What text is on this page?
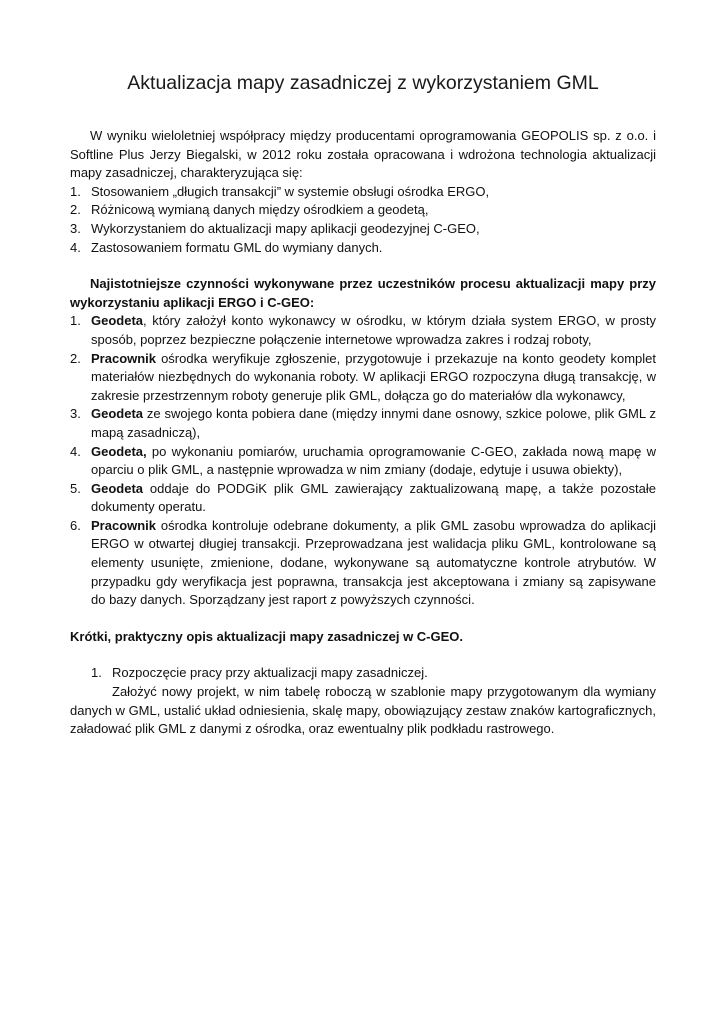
Aktualizacja mapy zasadniczej z wykorzystaniem GML

W wyniku wieloletniej współpracy między producentami oprogramowania GEOPOLIS sp. z o.o. i Softline Plus Jerzy Biegalski, w 2012 roku została opracowana i wdrożona technologia aktualizacji mapy zasadniczej, charakteryzująca się:

1. Stosowaniem „długich transakcji” w systemie obsługi ośrodka ERGO,
2. Różnicową wymianą danych między ośrodkiem a geodetą,
3. Wykorzystaniem do aktualizacji mapy aplikacji geodezyjnej C-GEO,
4. Zastosowaniem formatu GML do wymiany danych.

Najistotniejsze czynności wykonywane przez uczestników procesu aktualizacji mapy przy wykorzystaniu aplikacji ERGO i C-GEO:

1. Geodeta, który założył konto wykonawcy w ośrodku, w którym działa system ERGO, w prosty sposób, poprzez bezpieczne połączenie internetowe wprowadza zakres i rodzaj roboty,
2. Pracownik ośrodka weryfikuje zgłoszenie, przygotowuje i przekazuje na konto geodety komplet materiałów niezbędnych do wykonania roboty. W aplikacji ERGO rozpoczyna długą transakcję, w zakresie przestrzennym roboty generuje plik GML, dołącza go do materiałów dla wykonawcy,
3. Geodeta ze swojego konta pobiera dane (między innymi dane osnowy, szkice polowe, plik GML z mapą zasadniczą),
4. Geodeta, po wykonaniu pomiarów, uruchamia oprogramowanie C-GEO, zakłada nową mapę w oparciu o plik GML, a następnie wprowadza w nim zmiany (dodaje, edytuje i usuwa obiekty),
5. Geodeta oddaje do PODGiK plik GML zawierający zaktualizowaną mapę, a także pozostałe dokumenty operatu.
6. Pracownik ośrodka kontroluje odebrane dokumenty, a plik GML zasobu wprowadza do aplikacji ERGO w otwartej długiej transakcji. Przeprowadzana jest walidacja pliku GML, kontrolowane są elementy usunięte, zmienione, dodane, wykonywane są automatyczne kontrole atrybutów. W przypadku gdy weryfikacja jest poprawna, transakcja jest akceptowana i zmiany są zapisywane do bazy danych. Sporządzany jest raport z powyższych czynności.

Krótki, praktyczny opis aktualizacji mapy zasadniczej w C-GEO.

1. Rozpoczęcie pracy przy aktualizacji mapy zasadniczej.

Założyć nowy projekt, w nim tabelę roboczą w szablonie mapy przygotowanym dla wymiany danych w GML, ustalić układ odniesienia, skalę mapy, obowiązujący zestaw znaków kartograficznych, załadować plik GML z danymi z ośrodka, oraz ewentualny plik podkładu rastrowego.
